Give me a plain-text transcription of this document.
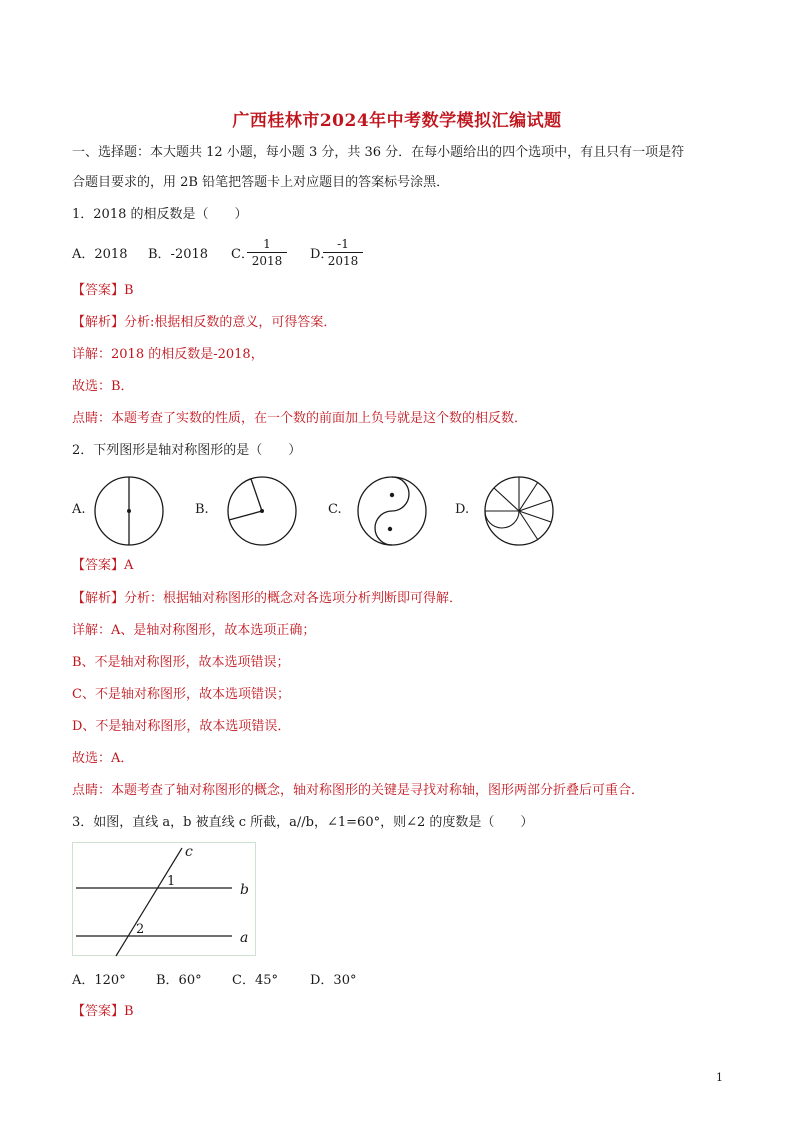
广西桂林市2024年中考数学模拟汇编试题
一、选择题：本大题共 12 小题，每小题 3 分，共 36 分．在每小题给出的四个选项中，有且只有一项是符
合题目要求的，用 2B 铅笔把答题卡上对应题目的答案标号涂黑．
1．2018 的相反数是（　　）
A．2018 B．-2018 C．
$\frac{1}{2018}$ D．
$\frac{-1}{2018}$
【答案】B
【解析】分析:根据相反数的意义，可得答案．
详解：2018 的相反数是-2018，
故选：B．
点睛：本题考查了实数的性质，在一个数的前面加上负号就是这个数的相反数．
2．下列图形是轴对称图形的是（　　）
A.	B.	C.	D.
【答案】A
【解析】分析：根据轴对称图形的概念对各选项分析判断即可得解．
详解：A、是轴对称图形，故本选项正确；
B、不是轴对称图形，故本选项错误；
C、不是轴对称图形，故本选项错误；
D、不是轴对称图形，故本选项错误．
故选：A．
点睛：本题考查了轴对称图形的概念，轴对称图形的关键是寻找对称轴，图形两部分折叠后可重合．
3．如图，直线 a，b 被直线 c 所截，a//b，∠1=60°，则∠2 的度数是（　　）
c
b
a
1
2
A．120° B．60° C．45° D．30°
【答案】B
1
